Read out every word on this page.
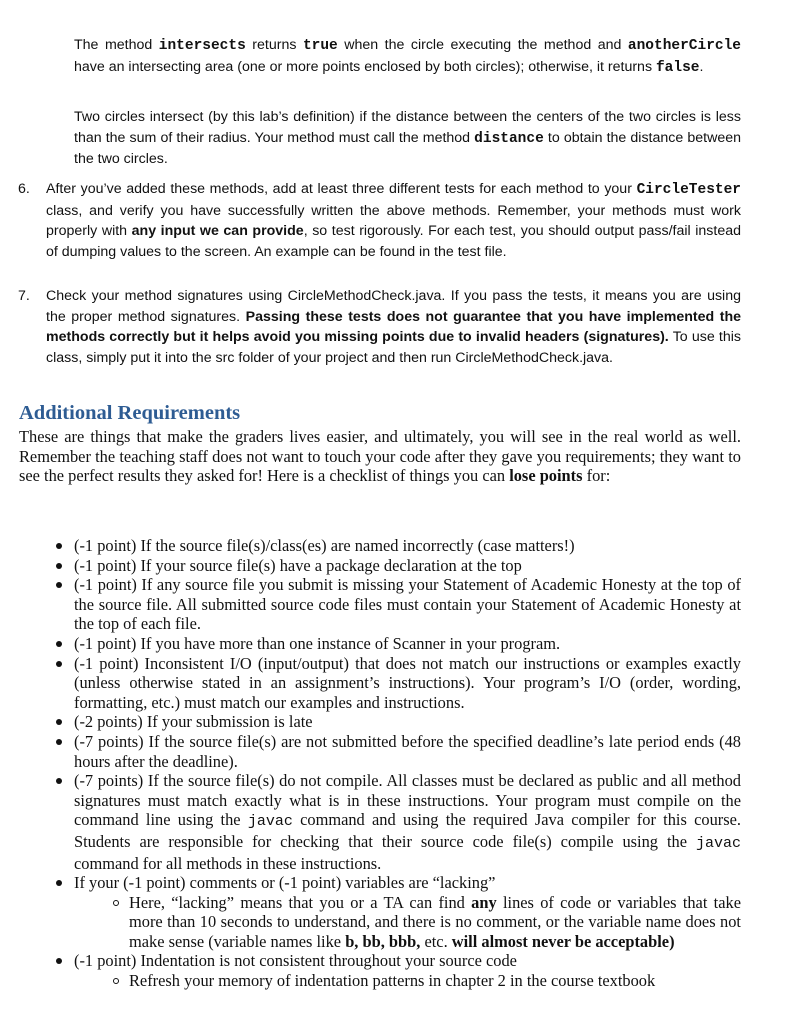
The method intersects returns true when the circle executing the method and anotherCircle have an intersecting area (one or more points enclosed by both circles); otherwise, it returns false.
Two circles intersect (by this lab’s definition) if the distance between the centers of the two circles is less than the sum of their radius. Your method must call the method distance to obtain the distance between the two circles.
6. After you’ve added these methods, add at least three different tests for each method to your CircleTester class, and verify you have successfully written the above methods. Remember, your methods must work properly with any input we can provide, so test rigorously. For each test, you should output pass/fail instead of dumping values to the screen. An example can be found in the test file.
7. Check your method signatures using CircleMethodCheck.java. If you pass the tests, it means you are using the proper method signatures. Passing these tests does not guarantee that you have implemented the methods correctly but it helps avoid you missing points due to invalid headers (signatures). To use this class, simply put it into the src folder of your project and then run CircleMethodCheck.java.
Additional Requirements
These are things that make the graders lives easier, and ultimately, you will see in the real world as well. Remember the teaching staff does not want to touch your code after they gave you requirements; they want to see the perfect results they asked for! Here is a checklist of things you can lose points for:
(-1 point) If the source file(s)/class(es) are named incorrectly (case matters!)
(-1 point) If your source file(s) have a package declaration at the top
(-1 point) If any source file you submit is missing your Statement of Academic Honesty at the top of the source file. All submitted source code files must contain your Statement of Academic Honesty at the top of each file.
(-1 point) If you have more than one instance of Scanner in your program.
(-1 point) Inconsistent I/O (input/output) that does not match our instructions or examples exactly (unless otherwise stated in an assignment’s instructions). Your program’s I/O (order, wording, formatting, etc.) must match our examples and instructions.
(-2 points) If your submission is late
(-7 points) If the source file(s) are not submitted before the specified deadline’s late period ends (48 hours after the deadline).
(-7 points) If the source file(s) do not compile. All classes must be declared as public and all method signatures must match exactly what is in these instructions. Your program must compile on the command line using the javac command and using the required Java compiler for this course. Students are responsible for checking that their source code file(s) compile using the javac command for all methods in these instructions.
If your (-1 point) comments or (-1 point) variables are “lacking”
Here, “lacking” means that you or a TA can find any lines of code or variables that take more than 10 seconds to understand, and there is no comment, or the variable name does not make sense (variable names like b, bb, bbb, etc. will almost never be acceptable)
(-1 point) Indentation is not consistent throughout your source code
Refresh your memory of indentation patterns in chapter 2 in the course textbook
